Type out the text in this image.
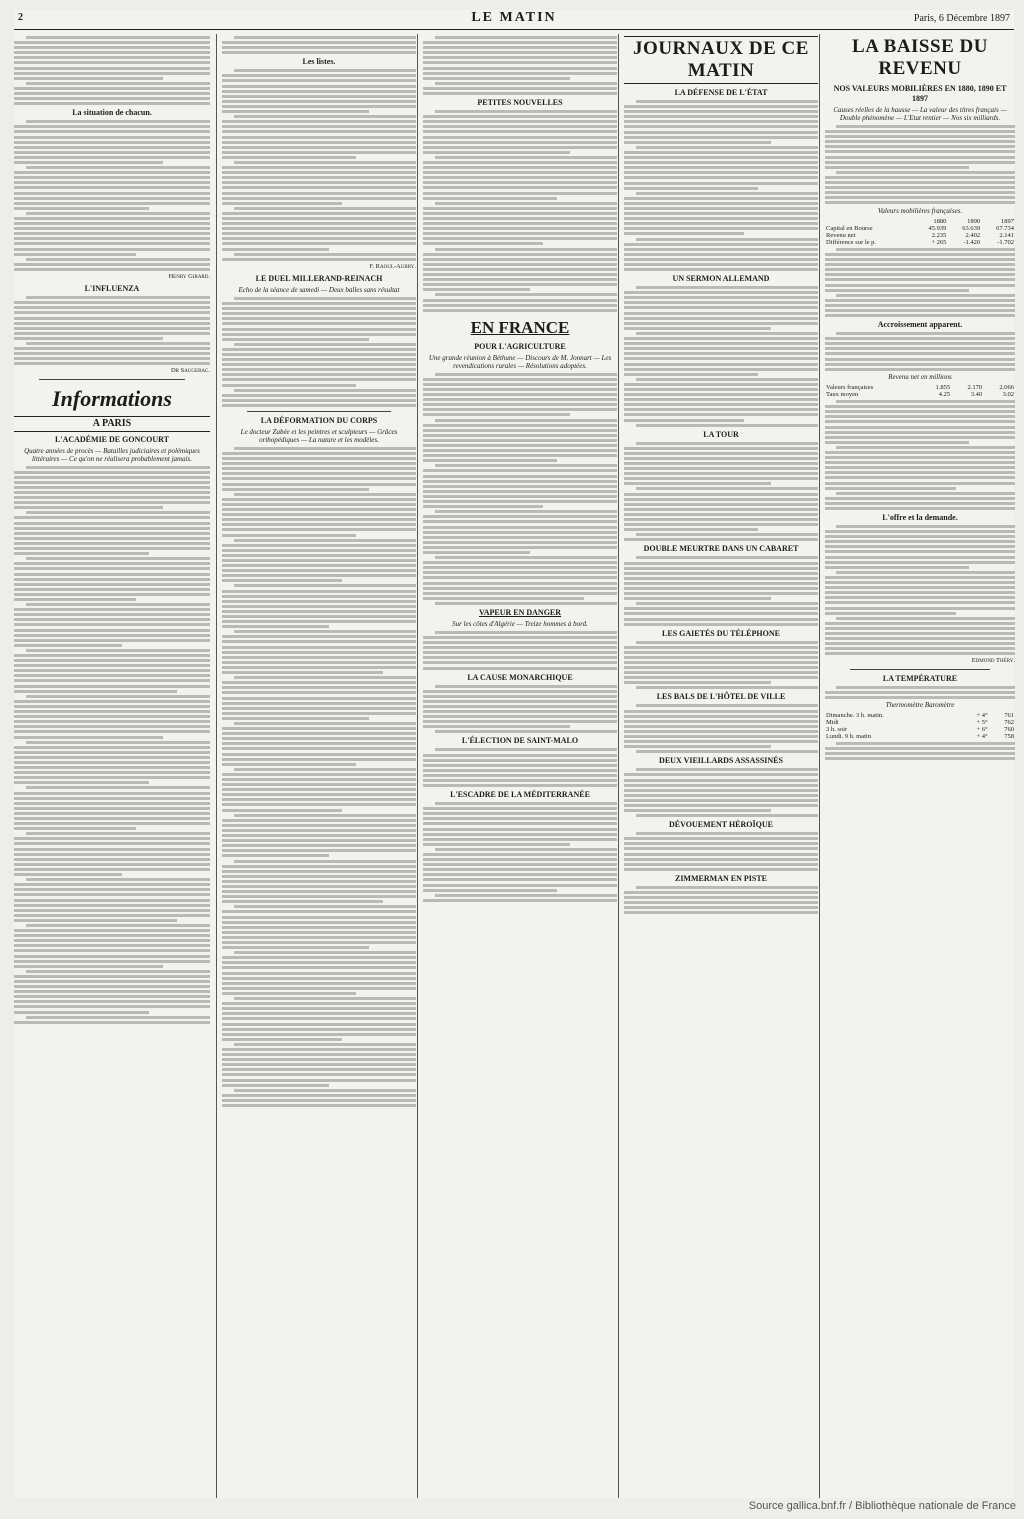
2	LE MATIN	Paris, 6 Décembre 1897
La situation de chacun.
Henry Girard.
L'INFLUENZA
Dr Saugerac.
Informations
A PARIS
L'ACADÉMIE DE GONCOURT
Quatre années de procès — Batailles judiciaires et polémiques littéraires — Ce qu'on ne réalisera probablement jamais.
Les listes.
F. Raoul-Aubry.
LE DUEL MILLERAND-REINACH
Echo de la séance de samedi — Deux balles sans résultat
LA DÉFORMATION DU CORPS
Le docteur Zabée et les peintres et sculpteurs — Grâces orthopédiques — La nature et les modèles.
PETITES NOUVELLES
EN FRANCE
POUR L'AGRICULTURE
Une grande réunion à Béthune — Discours de M. Jonnart — Les revendications rurales — Résolutions adoptées.
VAPEUR EN DANGER
Sur les côtes d'Algérie — Treize hommes à bord.
LA CAUSE MONARCHIQUE
L'ÉLECTION DE SAINT-MALO
L'ESCADRE DE LA MÉDITERRANÉE
JOURNAUX DE CE MATIN
LA DÉFENSE DE L'ÉTAT
UN SERMON ALLEMAND
LA TOUR
DOUBLE MEURTRE DANS UN CABARET
LES GAIETÉS DU TÉLÉPHONE
LES BALS DE L'HÔTEL DE VILLE
DEUX VIEILLARDS ASSASSINÉS
DÉVOUEMENT HÉROÏQUE
ZIMMERMAN EN PISTE
LA BAISSE DU REVENU
NOS VALEURS MOBILIÈRES EN 1880, 1890 ET 1897
Causes réelles de la hausse — La valeur des titres français — Double phénomène — L'Etat rentier — Nos six milliards.
Valeurs mobilières françaises.
	1880	1890	1897
Capital en Bourse	45.939	63.639	67.734
Revenu net	2.235	2.402	2.141
Différence sur le p.	+ 265	-1.420	-1.702
Accroissement apparent.
Revenu net en millions
Valeurs françaises	1.855	2.170	2.066
Taux moyen	4.25	3.40	3.02
L'offre et la demande.
Edmond Théry.
LA TEMPÉRATURE
Thermomètre Baromètre
Dimanche. 3 h. matin.	+ 4°	761
Midi	+ 5°	762
3 h. soir	+ 6°	760
Lundi. 9 h. matin	+ 4°	758
Source gallica.bnf.fr / Bibliothèque nationale de France
